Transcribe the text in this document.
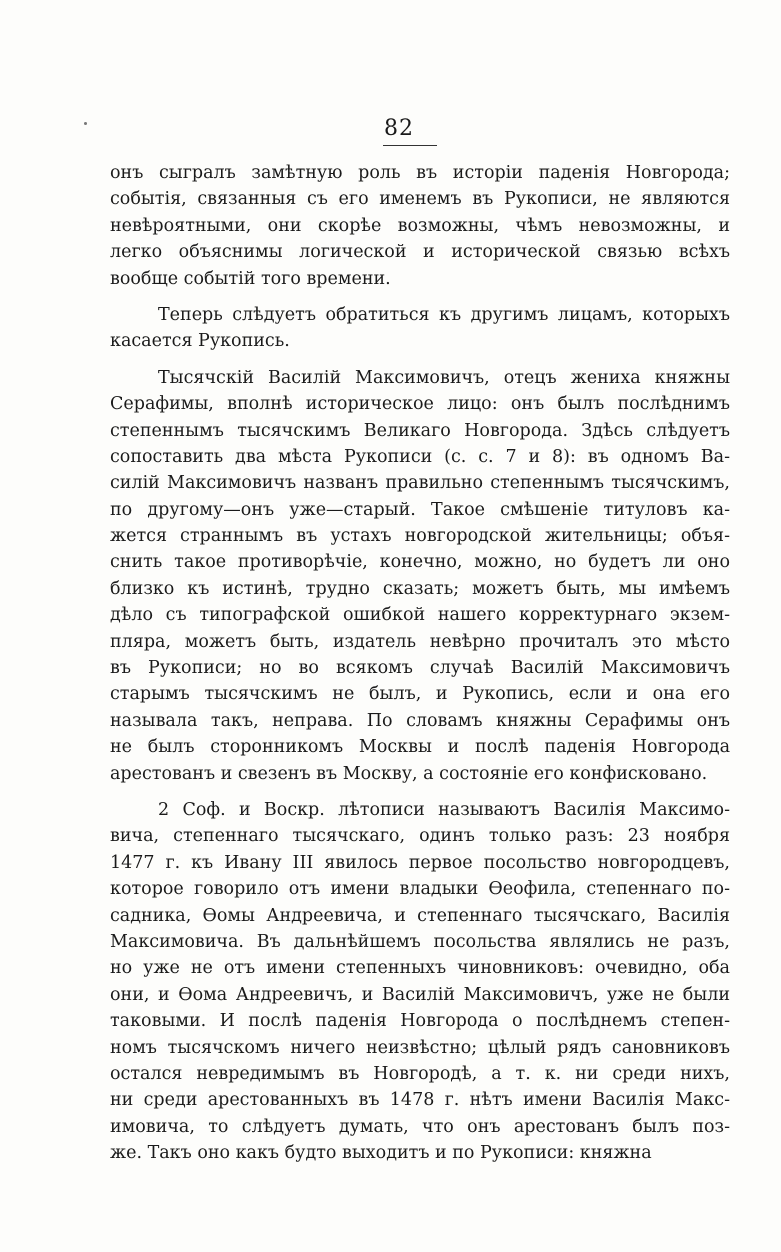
82
онъ сыгралъ замѣтную роль въ исторіи паденія Новгорода;
событія, связанныя съ его именемъ въ Рукописи, не являются
невѣроятными, они скорѣе возможны, чѣмъ невозможны, и
легко объяснимы логической и исторической связью всѣхъ
вообще событій того времени.
Теперь слѣдуетъ обратиться къ другимъ лицамъ, которыхъ
касается Рукопись.
Тысячскій Василій Максимовичъ, отецъ жениха княжны
Серафимы, вполнѣ историческое лицо: онъ былъ послѣднимъ
степеннымъ тысячскимъ Великаго Новгорода. Здѣсь слѣдуетъ
сопоставить два мѣста Рукописи (с. с. 7 и 8): въ одномъ Ва-
силій Максимовичъ названъ правильно степеннымъ тысячскимъ,
по другому—онъ уже—старый. Такое смѣшеніе титуловъ ка-
жется страннымъ въ устахъ новгородской жительницы; объя-
снить такое противорѣчіе, конечно, можно, но будетъ ли оно
близко къ истинѣ, трудно сказать; можетъ быть, мы имѣемъ
дѣло съ типографской ошибкой нашего корректурнаго экзем-
пляра, можетъ быть, издатель невѣрно прочиталъ это мѣсто
въ Рукописи; но во всякомъ случаѣ Василій Максимовичъ
старымъ тысячскимъ не былъ, и Рукопись, если и она его
называла такъ, неправа. По словамъ княжны Серафимы онъ
не былъ сторонникомъ Москвы и послѣ паденія Новгорода
арестованъ и свезенъ въ Москву, а состояніе его конфисковано.
2 Соф. и Воскр. лѣтописи называютъ Василія Максимо-
вича, степеннаго тысячскаго, одинъ только разъ: 23 ноября
1477 г. къ Ивану III явилось первое посольство новгородцевъ,
которое говорило отъ имени владыки Ѳеофила, степеннаго по-
садника, Ѳомы Андреевича, и степеннаго тысячскаго, Василія
Максимовича. Въ дальнѣйшемъ посольства являлись не разъ,
но уже не отъ имени степенныхъ чиновниковъ: очевидно, оба
они, и Ѳома Андреевичъ, и Василій Максимовичъ, уже не были
таковыми. И послѣ паденія Новгорода о послѣднемъ степен-
номъ тысячскомъ ничего неизвѣстно; цѣлый рядъ сановниковъ
остался невредимымъ въ Новгородѣ, а т. к. ни среди нихъ,
ни среди арестованныхъ въ 1478 г. нѣтъ имени Василія Макс-
имовича, то слѣдуетъ думать, что онъ арестованъ былъ поз-
же. Такъ оно какъ будто выходитъ и по Рукописи: княжна
